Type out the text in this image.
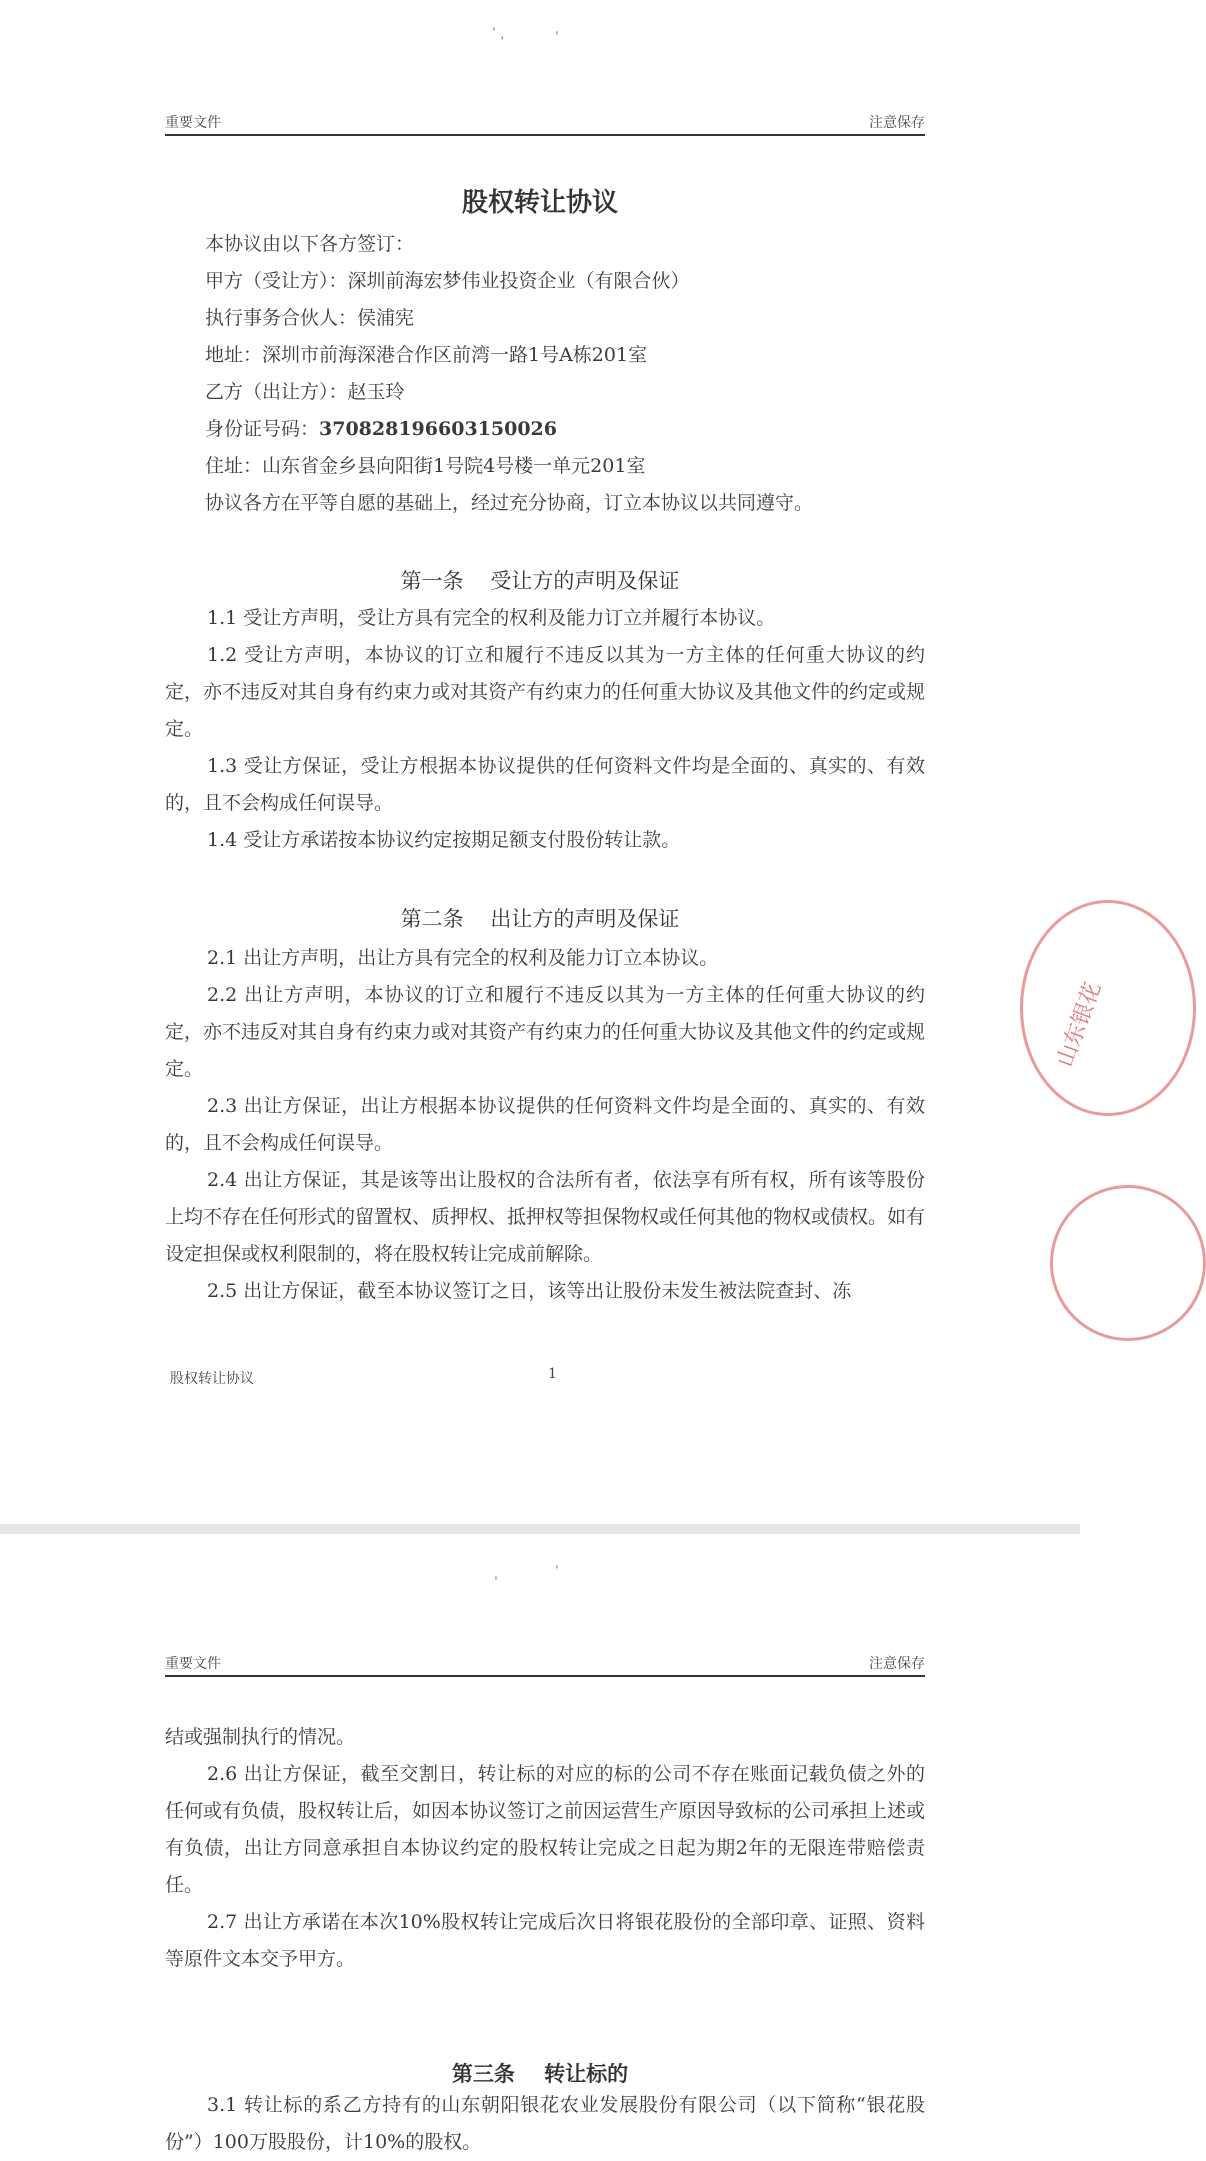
ˈ ˌ	ˈ
重要文件	注意保存
股权转让协议
本协议由以下各方签订：
甲方（受让方）：深圳前海宏梦伟业投资企业（有限合伙）
执行事务合伙人：侯浦宪
地址：深圳市前海深港合作区前湾一路1号A栋201室
乙方（出让方）：赵玉玲
身份证号码：370828196603150026
住址：山东省金乡县向阳街1号院4号楼一单元201室
协议各方在平等自愿的基础上，经过充分协商，订立本协议以共同遵守。
第一条    受让方的声明及保证
1.1 受让方声明，受让方具有完全的权利及能力订立并履行本协议。
1.2 受让方声明，本协议的订立和履行不违反以其为一方主体的任何重大协议的约定，亦不违反对其自身有约束力或对其资产有约束力的任何重大协议及其他文件的约定或规定。
1.3 受让方保证，受让方根据本协议提供的任何资料文件均是全面的、真实的、有效的，且不会构成任何误导。
1.4 受让方承诺按本协议约定按期足额支付股份转让款。
第二条    出让方的声明及保证
2.1 出让方声明，出让方具有完全的权利及能力订立本协议。
2.2 出让方声明，本协议的订立和履行不违反以其为一方主体的任何重大协议的约定，亦不违反对其自身有约束力或对其资产有约束力的任何重大协议及其他文件的约定或规定。
2.3 出让方保证，出让方根据本协议提供的任何资料文件均是全面的、真实的、有效的，且不会构成任何误导。
2.4 出让方保证，其是该等出让股权的合法所有者，依法享有所有权，所有该等股份上均不存在任何形式的留置权、质押权、抵押权等担保物权或任何其他的物权或债权。如有设定担保或权利限制的，将在股权转让完成前解除。
2.5 出让方保证，截至本协议签订之日，该等出让股份未发生被法院查封、冻
股权转让协议	1
山东银花
ˌ	ˈ
重要文件	注意保存
结或强制执行的情况。
2.6 出让方保证，截至交割日，转让标的对应的标的公司不存在账面记载负债之外的任何或有负债，股权转让后，如因本协议签订之前因运营生产原因导致标的公司承担上述或有负债，出让方同意承担自本协议约定的股权转让完成之日起为期2年的无限连带赔偿责任。
2.7 出让方承诺在本次10%股权转让完成后次日将银花股份的全部印章、证照、资料等原件文本交予甲方。
第三条    转让标的
3.1 转让标的系乙方持有的山东朝阳银花农业发展股份有限公司（以下简称“银花股份”）100万股股份，计10%的股权。
